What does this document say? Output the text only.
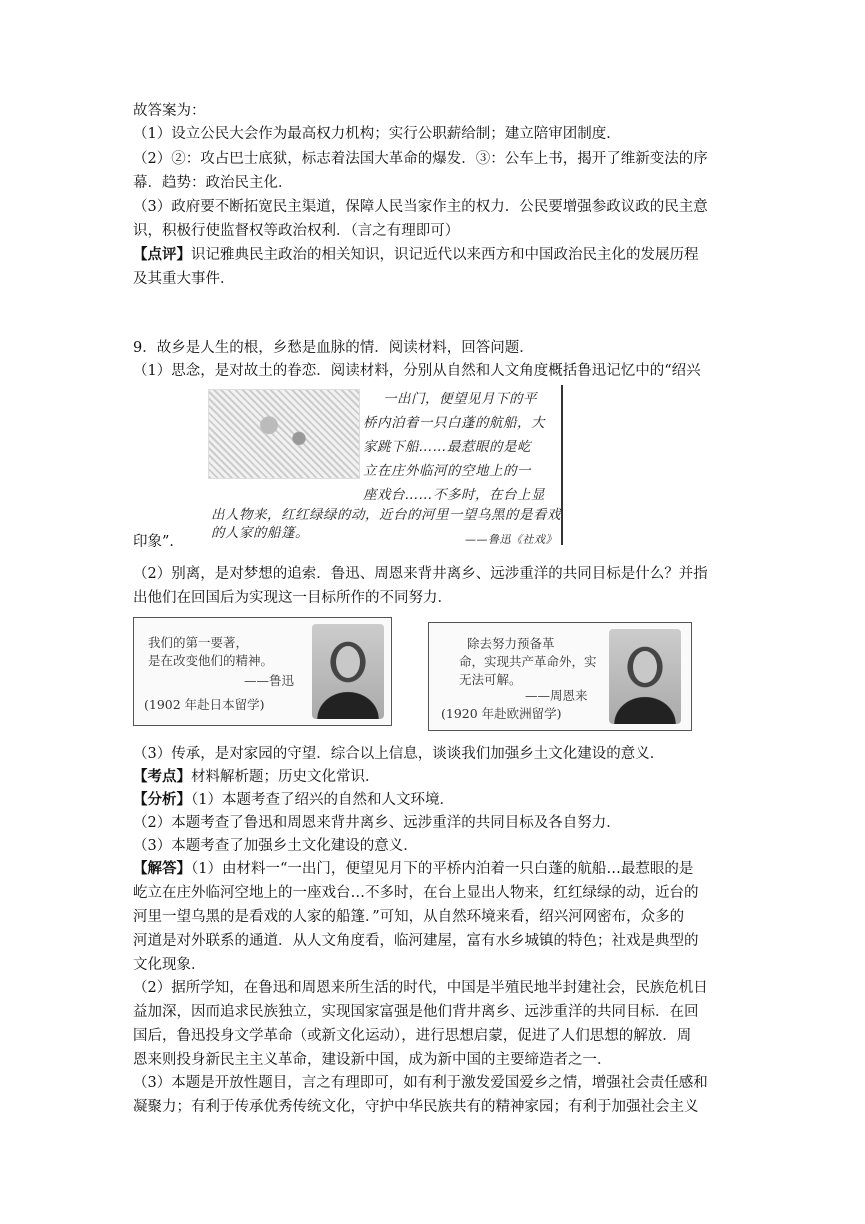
故答案为：
（1）设立公民大会作为最高权力机构；实行公职薪给制；建立陪审团制度．
（2）②：攻占巴士底狱，标志着法国大革命的爆发．③：公车上书，揭开了维新变法的序
幕．趋势：政治民主化．
（3）政府要不断拓宽民主渠道，保障人民当家作主的权力．公民要增强参政议政的民主意
识，积极行使监督权等政治权利．（言之有理即可）
【点评】识记雅典民主政治的相关知识，识记近代以来西方和中国政治民主化的发展历程
及其重大事件．
9．故乡是人生的根，乡愁是血脉的情．阅读材料，回答问题．
（1）思念，是对故土的眷恋．阅读材料，分别从自然和人文角度概括鲁迅记忆中的“绍兴
一出门，便望见月下的平
桥内泊着一只白蓬的航船，大
家跳下船……最惹眼的是屹
立在庄外临河的空地上的一
座戏台……不多时，在台上显
出人物来，红红绿绿的动，近台的河里一望乌黑的是看戏
的人家的船篷。	——鲁迅《社戏》
印象”．
（2）别离，是对梦想的追索．鲁迅、周恩来背井离乡、远涉重洋的共同目标是什么？并指
出他们在回国后为实现这一目标所作的不同努力．
我们的第一要著，
是在改变他们的精神。
——鲁迅
(1902 年赴日本留学)
除去努力预备革
命，实现共产革命外，实
无法可解。
——周恩来
(1920 年赴欧洲留学)
（3）传承，是对家园的守望．综合以上信息，谈谈我们加强乡土文化建设的意义．
【考点】材料解析题；历史文化常识．
【分析】（1）本题考查了绍兴的自然和人文环境．
（2）本题考查了鲁迅和周恩来背井离乡、远涉重洋的共同目标及各自努力．
（3）本题考查了加强乡土文化建设的意义．
【解答】（1）由材料一“一出门，便望见月下的平桥内泊着一只白蓬的航船…最惹眼的是
屹立在庄外临河空地上的一座戏台…不多时，在台上显出人物来，红红绿绿的动，近台的
河里一望乌黑的是看戏的人家的船篷．”可知，从自然环境来看，绍兴河网密布，众多的
河道是对外联系的通道．从人文角度看，临河建屋，富有水乡城镇的特色；社戏是典型的
文化现象．
（2）据所学知，在鲁迅和周恩来所生活的时代，中国是半殖民地半封建社会，民族危机日
益加深，因而追求民族独立，实现国家富强是他们背井离乡、远涉重洋的共同目标．在回
国后，鲁迅投身文学革命（或新文化运动），进行思想启蒙，促进了人们思想的解放．周
恩来则投身新民主主义革命，建设新中国，成为新中国的主要缔造者之一．
（3）本题是开放性题目，言之有理即可，如有利于激发爱国爱乡之情，增强社会责任感和
凝聚力；有利于传承优秀传统文化，守护中华民族共有的精神家园；有利于加强社会主义
